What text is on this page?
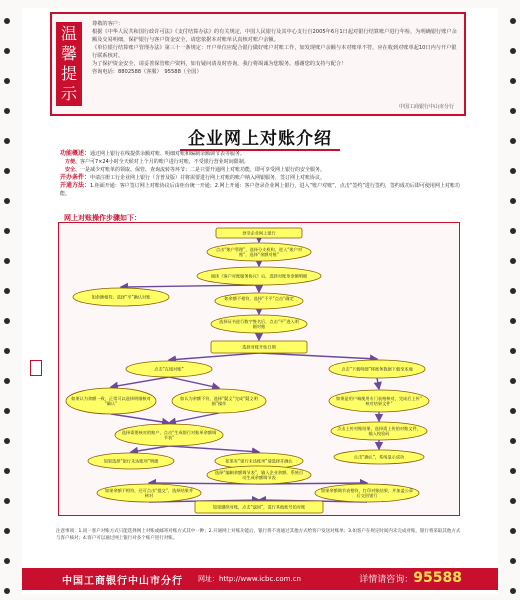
温馨提示

尊敬的客户：

根据《中华人民共和国行政许可法》《支付结算办法》的有关规定，中国人民银行及其中心支行自2005年6月1日起对银行结算账户进行年检，为明确银行账户余额及交易明细，保护银行与客户资金安全，请您依据本对账单认真核对账户余额。

《单位银行结算账户管理办法》第三十一条规定：开户单位应配合银行做好账户对账工作，如发现账户余额与本对账单不符，应在收到对账单起10日内与开户银行联系核对。

为了保护资金安全，请妥善保管账户资料，如有疑问请及时咨询，我行将竭诚为您服务。感谢您的支持与配合！

咨询电话：8802588（客服）　95588（全国）

中国工商银行中山市分行
企业网上对账介绍
功能概述：通过网上银行在线提供余额对账、明细对账和编制余额调节表等服务。
　方便、客户可7×24小时全天候对上个月的账户进行对账，不受银行营业时间限制。
　安全、一是减少对账单的领取、保管、查询流转等环节；二是只要开通网上对账功能，即可享受网上银行的安全服务。
开办条件：申请注册工行企业网上银行（含普及版）并将需要进行网上对账的账户纳入网银服务，签订网上对账协议。
开通方法：1.柜面开通：客户签订网上对账协议后由柜台统一开通；2.网上开通：客户登录企业网上银行，进入“账户对账”，点击“签约”进行签约，签约成功后即可使用网上对账功能。
网上对账操作步骤如下：
登录企业网上银行
点击“账户管理”，选择分支机构，进入“账户对
账”，选择“余额对账”
阅读《客户对账服务协议》后，选择对账单余额明细
如余额相符，选择“平”确认对账	如余额不相符，选择“不平”点击“确定
”
选择证书进行数字签名后，点击“平”进入明
细对账
选择对账开始日期
点击“在线对账”	点击“下载明细”将账务数据下载至本地
如果认为余额一致，正常可以选择明细核对
“确认”
如认为余额不符，选择“疑义”完成“疑义明
细”操作
如果是用户端使用专门表格核对，完成后上传“
核对结果文件”
点击上传对账结果，选择需上传的对账文件，
输入校验码
选择需要核对的账户，点击“生成银行对账单余额调
节表”
点击“确认”，系统显示成功
如果选择“银行未达账项”明细	如果有“银行未达账项”请选择并确认
选择“编制余额调节表”，输入企业余额，系统自
动生成余额调节表
如果余额不相符，还可点击“提交”，选择结果并
核对
如果余额调节表相符，打印对账结果，并加盖公章
后交回银行
如果继续对账，点击“返回”，进行其他账号的对账
注意事项：1.同一客户对账方式只能选择网上对账或邮寄对账方式其中一种；2.开通网上对账功能后，银行将不再通过其他方式给客户发送对账单；3.如客户在规定时间内未完成对账，银行将采取其他方式与客户核对；4.客户可以通过网上银行对多个账户进行对账。
中国工商银行中山市分行 网址：http://www.icbc.com.cn	详情请咨询：95588
